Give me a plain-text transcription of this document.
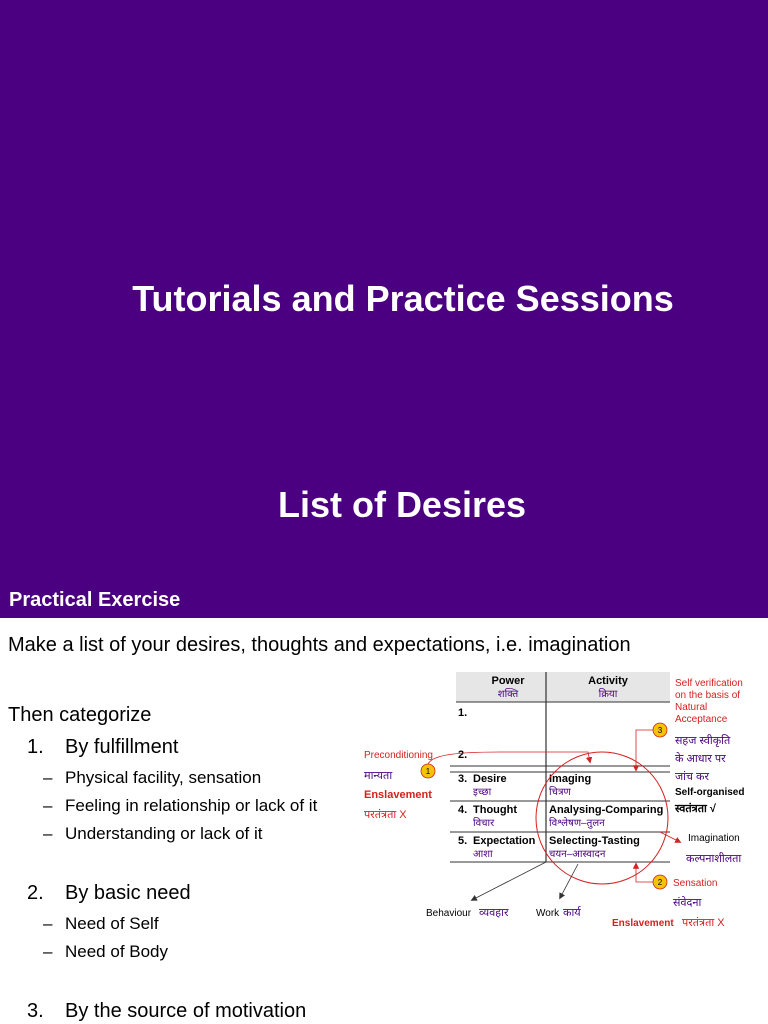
Tutorials and Practice Sessions
List of Desires
Practical Exercise
Make a list of your desires, thoughts and expectations, i.e. imagination
Then categorize
1. By fulfillment
– Physical facility, sensation
– Feeling in relationship or lack of it
– Understanding or lack of it
2. By basic need
– Need of Self
– Need of Body
3. By the source of motivation
Power
शक्ति
Activity
क्रिया
1.
2.
3. Desire
इच्छा
Imaging
चित्रण
4. Thought
विचार
Analysing-Comparing
विश्लेषण–तुलन
5. Expectation
आशा
Selecting-Tasting
चयन–आस्वादन
Preconditioning
मान्यता
Enslavement
परतंत्रता X
1
Self verification
on the basis of
Natural
Acceptance
3
सहज स्वीकृति
के आधार पर
जांच कर
Self-organised
स्वतंत्रता √
Imagination
कल्पनाशीलता
2 Sensation
संवेदना
Enslavement परतंत्रता X
Behaviour व्यवहार	Work कार्य
